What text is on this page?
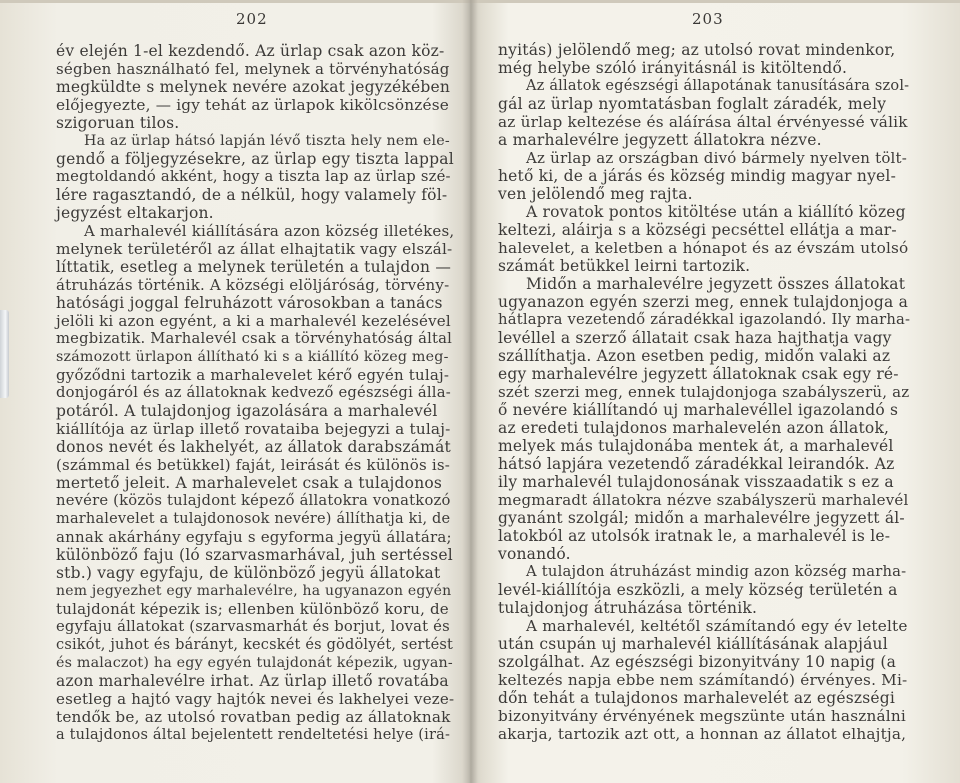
202
év elején 1-el kezdendő. Az ürlap csak azon köz-
ségben használható fel, melynek a törvényhatóság
megküldte s melynek nevére azokat jegyzékében
előjegyezte, — igy tehát az ürlapok kikölcsönzése
szigoruan tilos.
Ha az ürlap hátsó lapján lévő tiszta hely nem ele-
gendő a följegyzésekre, az ürlap egy tiszta lappal
megtoldandó akként, hogy a tiszta lap az ürlap szé-
lére ragasztandó, de a nélkül, hogy valamely föl-
jegyzést eltakarjon.
A marhalevél kiállítására azon község illetékes,
melynek területéről az állat elhajtatik vagy elszál-
líttatik, esetleg a melynek területén a tulajdon —
átruházás történik. A községi elöljáróság, törvény-
hatósági joggal felruházott városokban a tanács
jelöli ki azon egyént, a ki a marhalevél kezelésével
megbizatik. Marhalevél csak a törvényhatóság által
számozott ürlapon állítható ki s a kiállító közeg meg-
győződni tartozik a marhalevelet kérő egyén tulaj-
donjogáról és az állatoknak kedvező egészségi álla-
potáról. A tulajdonjog igazolására a marhalevél
kiállítója az ürlap illető rovataiba bejegyzi a tulaj-
donos nevét és lakhelyét, az állatok darabszámát
(számmal és betükkel) faját, leirását és különös is-
mertető jeleit. A marhalevelet csak a tulajdonos
nevére (közös tulajdont képező állatokra vonatkozó
marhalevelet a tulajdonosok nevére) állíthatja ki, de
annak akárhány egyfaju s egyforma jegyü állatára;
különböző faju (ló szarvasmarhával, juh sertéssel
stb.) vagy egyfaju, de különböző jegyü állatokat
nem jegyezhet egy marhalevélre, ha ugyanazon egyén
tulajdonát képezik is; ellenben különböző koru, de
egyfaju állatokat (szarvasmarhát és borjut, lovat és
csikót, juhot és bárányt, kecskét és gödölyét, sertést
és malaczot) ha egy egyén tulajdonát képezik, ugyan-
azon marhalevélre irhat. Az ürlap illető rovatába
esetleg a hajtó vagy hajtók nevei és lakhelyei veze-
tendők be, az utolsó rovatban pedig az állatoknak
a tulajdonos által bejelentett rendeltetési helye (irá-
203
nyitás) jelölendő meg; az utolsó rovat mindenkor,
még helybe szóló irányitásnál is kitöltendő.
Az állatok egészségi állapotának tanusítására szol-
gál az ürlap nyomtatásban foglalt záradék, mely
az ürlap keltezése és aláírása által érvényessé válik
a marhalevélre jegyzett állatokra nézve.
Az ürlap az országban divó bármely nyelven tölt-
hető ki, de a járás és község mindig magyar nyel-
ven jelölendő meg rajta.
A rovatok pontos kitöltése után a kiállító közeg
keltezi, aláirja s a községi pecséttel ellátja a mar-
halevelet, a keletben a hónapot és az évszám utolsó
számát betükkel leirni tartozik.
Midőn a marhalevélre jegyzett összes állatokat
ugyanazon egyén szerzi meg, ennek tulajdonjoga a
hátlapra vezetendő záradékkal igazolandó. Ily marha-
levéllel a szerző állatait csak haza hajthatja vagy
szállíthatja. Azon esetben pedig, midőn valaki az
egy marhalevélre jegyzett állatoknak csak egy ré-
szét szerzi meg, ennek tulajdonjoga szabályszerü, az
ő nevére kiállítandó uj marhalevéllel igazolandó s
az eredeti tulajdonos marhalevelén azon állatok,
melyek más tulajdonába mentek át, a marhalevél
hátsó lapjára vezetendő záradékkal leirandók. Az
ily marhalevél tulajdonosának visszaadatik s ez a
megmaradt állatokra nézve szabályszerü marhalevél
gyanánt szolgál; midőn a marhalevélre jegyzett ál-
latokból az utolsók iratnak le, a marhalevél is le-
vonandó.
A tulajdon átruházást mindig azon község marha-
levél-kiállítója eszközli, a mely község területén a
tulajdonjog átruházása történik.
A marhalevél, keltétől számítandó egy év letelte
után csupán uj marhalevél kiállításának alapjául
szolgálhat. Az egészségi bizonyitvány 10 napig (a
keltezés napja ebbe nem számítandó) érvényes. Mi-
dőn tehát a tulajdonos marhalevelét az egészségi
bizonyitvány érvényének megszünte után használni
akarja, tartozik azt ott, a honnan az állatot elhajtja,
